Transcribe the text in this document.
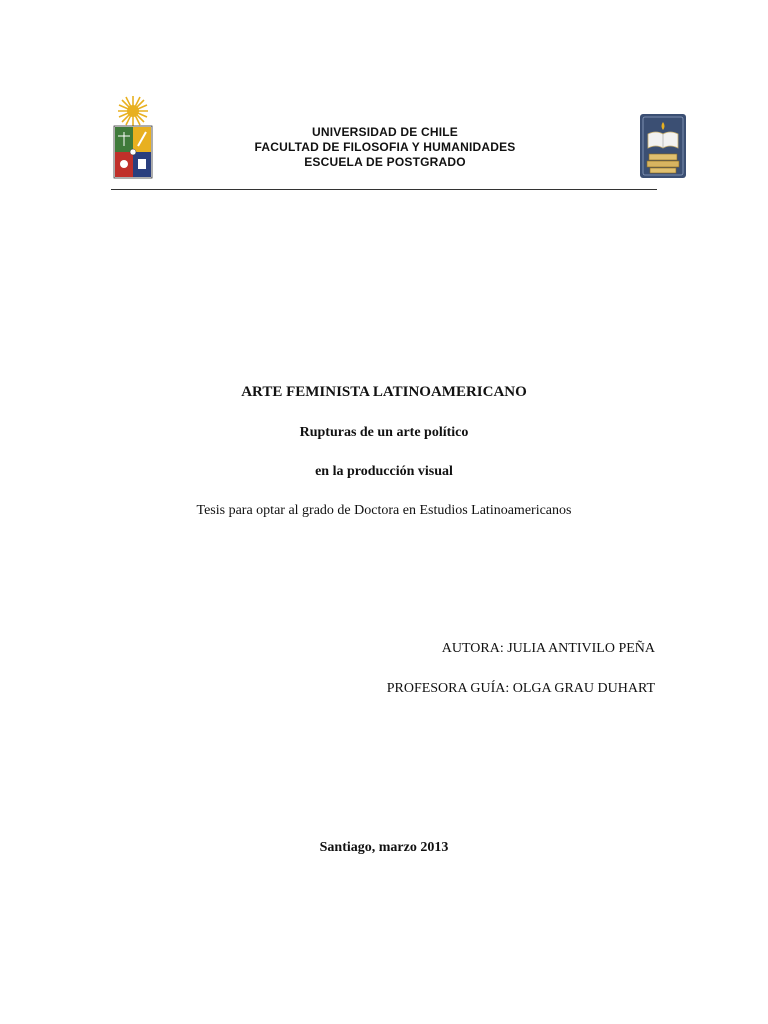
UNIVERSIDAD DE CHILE
FACULTAD DE FILOSOFIA Y HUMANIDADES
ESCUELA DE POSTGRADO
ARTE FEMINISTA LATINOAMERICANO
Rupturas de un arte político
en la producción visual
Tesis para optar al grado de Doctora en Estudios Latinoamericanos
AUTORA: JULIA ANTIVILO PEÑA
PROFESORA GUÍA: OLGA GRAU DUHART
Santiago, marzo 2013
